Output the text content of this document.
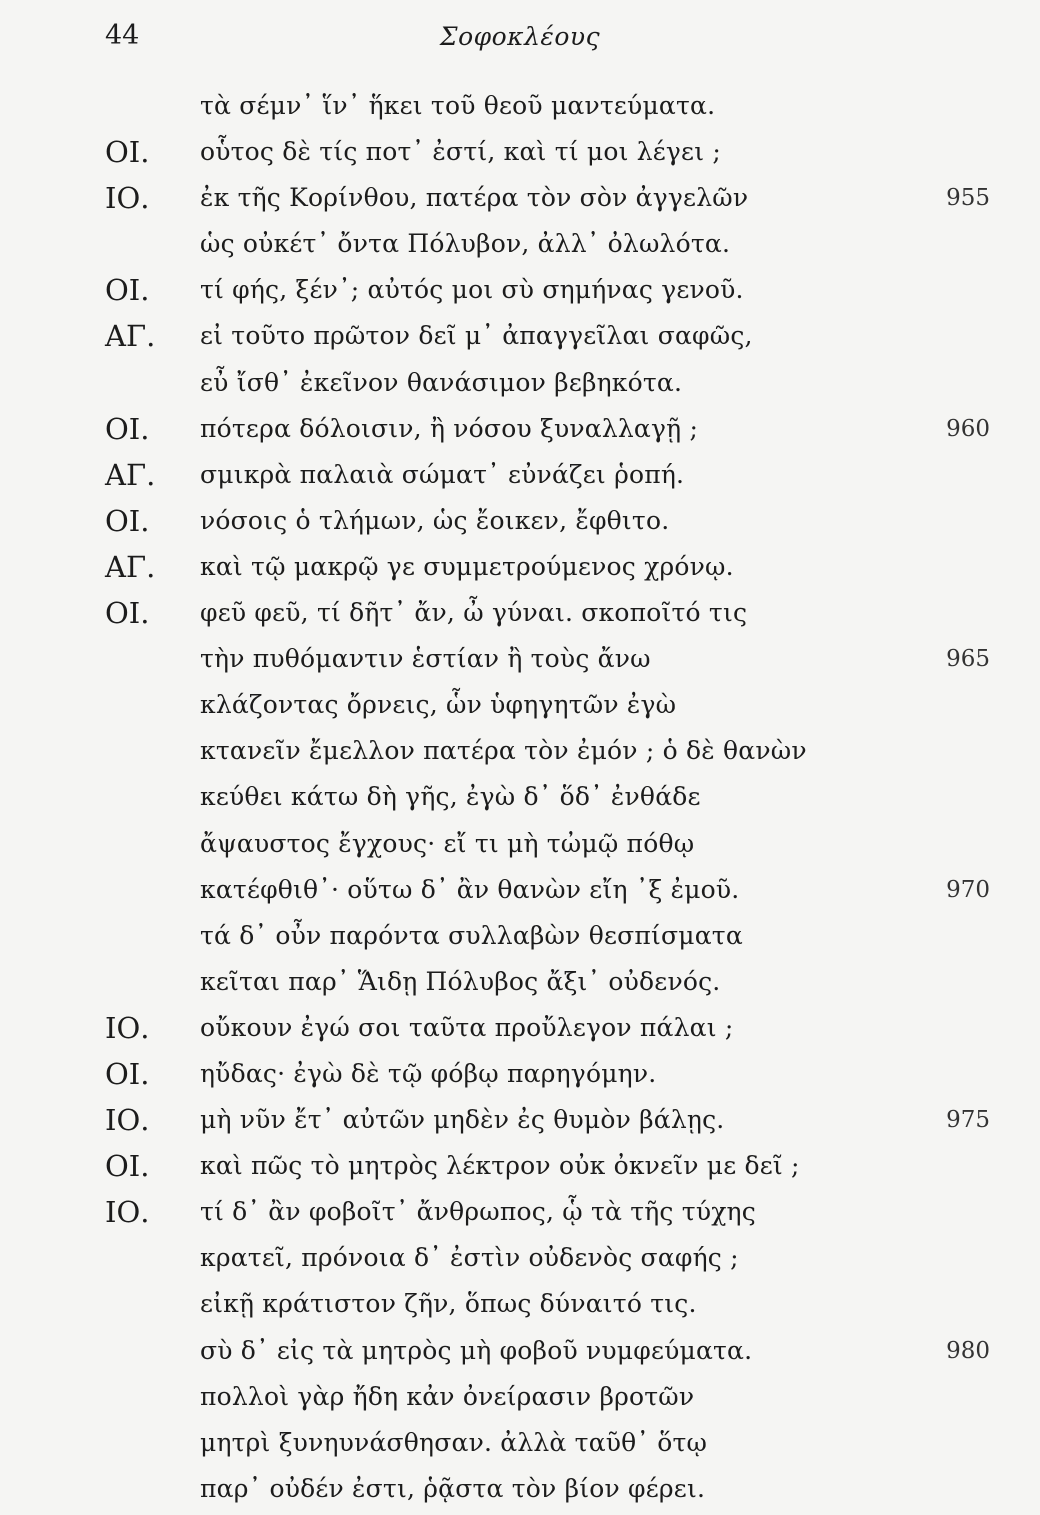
44	Σοφοκλέους
τὰ σέμν᾽ ἵν᾽ ἥκει τοῦ θεοῦ μαντεύματα.
ΟΙ. οὗτος δὲ τίς ποτ᾽ ἐστί, καὶ τί μοι λέγει ;
ΙΟ. ἐκ τῆς Κορίνθου, πατέρα τὸν σὸν ἀγγελῶν	955
ὡς οὐκέτ᾽ ὄντα Πόλυβον, ἀλλ᾽ ὀλωλότα.
ΟΙ. τί φής, ξέν᾽; αὐτός μοι σὺ σημήνας γενοῦ.
ΑΓ. εἰ τοῦτο πρῶτον δεῖ μ᾽ ἀπαγγεῖλαι σαφῶς,
εὖ ἴσθ᾽ ἐκεῖνον θανάσιμον βεβηκότα.
ΟΙ. πότερα δόλοισιν, ἢ νόσου ξυναλλαγῇ ;	960
ΑΓ. σμικρὰ παλαιὰ σώματ᾽ εὐνάζει ῥοπή.
ΟΙ. νόσοις ὁ τλήμων, ὡς ἔοικεν, ἔφθιτο.
ΑΓ. καὶ τῷ μακρῷ γε συμμετρούμενος χρόνῳ.
ΟΙ. φεῦ φεῦ, τί δῆτ᾽ ἄν, ὦ γύναι. σκοποῖτό τις
τὴν πυθόμαντιν ἑστίαν ἢ τοὺς ἄνω	965
κλάζοντας ὄρνεις, ὧν ὑφηγητῶν ἐγὼ
κτανεῖν ἔμελλον πατέρα τὸν ἐμόν ; ὁ δὲ θανὼν
κεύθει κάτω δὴ γῆς, ἐγὼ δ᾽ ὅδ᾽ ἐνθάδε
ἄψαυστος ἔγχους· εἴ τι μὴ τὠμῷ πόθῳ
κατέφθιθ᾽· οὕτω δ᾽ ἂν θανὼν εἴη ᾽ξ ἐμοῦ.	970
τά δ᾽ οὖν παρόντα συλλαβὼν θεσπίσματα
κεῖται παρ᾽ Ἅιδῃ Πόλυβος ἄξι᾽ οὐδενός.
ΙΟ. οὔκουν ἐγώ σοι ταῦτα προὔλεγον πάλαι ;
ΟΙ. ηὔδας· ἐγὼ δὲ τῷ φόβῳ παρηγόμην.
ΙΟ. μὴ νῦν ἔτ᾽ αὐτῶν μηδὲν ἐς θυμὸν βάλῃς.	975
ΟΙ. καὶ πῶς τὸ μητρὸς λέκτρον οὐκ ὀκνεῖν με δεῖ ;
ΙΟ. τί δ᾽ ἂν φοβοῖτ᾽ ἄνθρωπος, ᾧ τὰ τῆς τύχης
κρατεῖ, πρόνοια δ᾽ ἐστὶν οὐδενὸς σαφής ;
εἰκῇ κράτιστον ζῆν, ὅπως δύναιτό τις.
σὺ δ᾽ εἰς τὰ μητρὸς μὴ φοβοῦ νυμφεύματα.	980
πολλοὶ γὰρ ἤδη κἀν ὀνείρασιν βροτῶν
μητρὶ ξυνηυνάσθησαν. ἀλλὰ ταῦθ᾽ ὅτῳ
παρ᾽ οὐδέν ἐστι, ῥᾷστα τὸν βίον φέρει.
